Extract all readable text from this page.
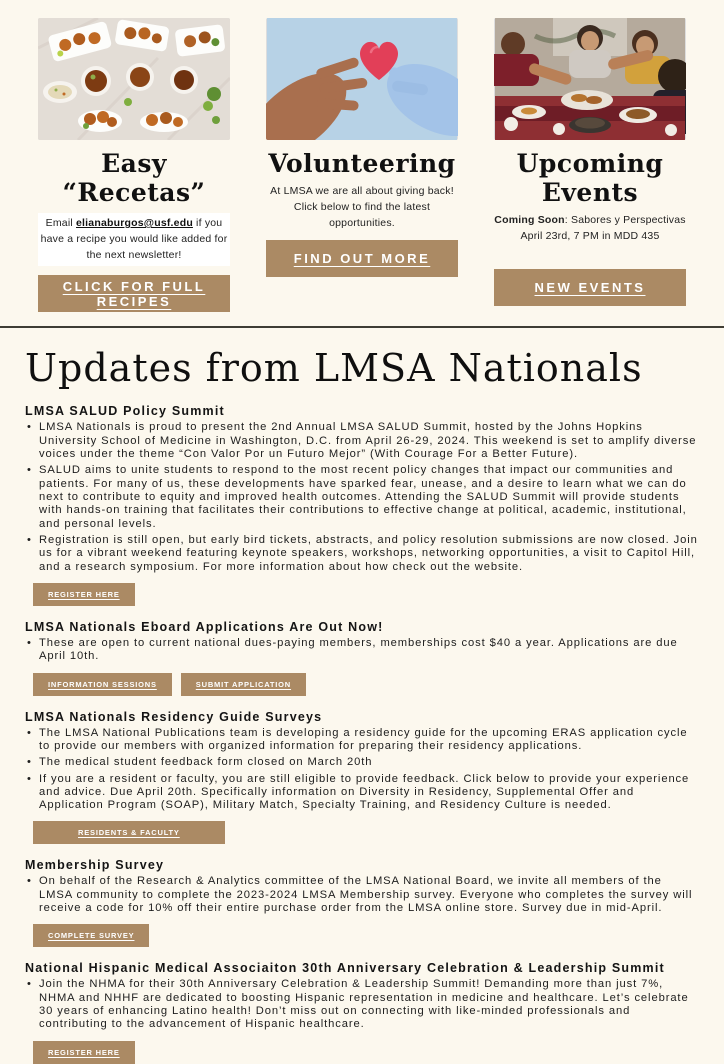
Easy “Recetas”

Email elianaburgos@usf.edu if you have a recipe you would like added for the next newsletter!

CLICK FOR FULL RECIPES
Volunteering

At LMSA we are all about giving back! Click below to find the latest opportunities.

FIND OUT MORE
Upcoming Events

Coming Soon: Sabores y Perspectivas April 23rd, 7 PM in MDD 435

NEW EVENTS
Updates from LMSA Nationals
LMSA SALUD Policy Summit
• LMSA Nationals is proud to present the 2nd Annual LMSA SALUD Summit, hosted by the Johns Hopkins University School of Medicine in Washington, D.C. from April 26-29, 2024. This weekend is set to amplify diverse voices under the theme “Con Valor Por un Futuro Mejor” (With Courage For a Better Future).
• SALUD aims to unite students to respond to the most recent policy changes that impact our communities and patients. For many of us, these developments have sparked fear, unease, and a desire to learn what we can do next to contribute to equity and improved health outcomes. Attending the SALUD Summit will provide students with hands-on training that facilitates their contributions to effective change at political, academic, institutional, and personal levels.
• Registration is still open, but early bird tickets, abstracts, and policy resolution submissions are now closed. Join us for a vibrant weekend featuring keynote speakers, workshops, networking opportunities, a visit to Capitol Hill, and a research symposium. For more information about how check out the website.
REGISTER HERE
LMSA Nationals Eboard Applications Are Out Now!
• These are open to current national dues-paying members, memberships cost $40 a year. Applications are due April 10th.
INFORMATION SESSIONS	SUBMIT APPLICATION
LMSA Nationals Residency Guide Surveys
• The LMSA National Publications team is developing a residency guide for the upcoming ERAS application cycle to provide our members with organized information for preparing their residency applications.
• The medical student feedback form closed on March 20th
• If you are a resident or faculty, you are still eligible to provide feedback. Click below to provide your experience and advice. Due April 20th. Specifically information on Diversity in Residency, Supplemental Offer and Application Program (SOAP), Military Match, Specialty Training, and Residency Culture is needed.
RESIDENTS & FACULTY
Membership Survey
• On behalf of the Research & Analytics committee of the LMSA National Board, we invite all members of the LMSA community to complete the 2023-2024 LMSA Membership survey. Everyone who completes the survey will receive a code for 10% off their entire purchase order from the LMSA online store. Survey due in mid-April.
COMPLETE SURVEY
National Hispanic Medical Associaiton 30th Anniversary Celebration & Leadership Summit
• Join the NHMA for their 30th Anniversary Celebration & Leadership Summit! Demanding more than just 7%, NHMA and NHHF are dedicated to boosting Hispanic representation in medicine and healthcare. Let’s celebrate 30 years of enhancing Latino health! Don’t miss out on connecting with like-minded professionals and contributing to the advancement of Hispanic healthcare.
REGISTER HERE
